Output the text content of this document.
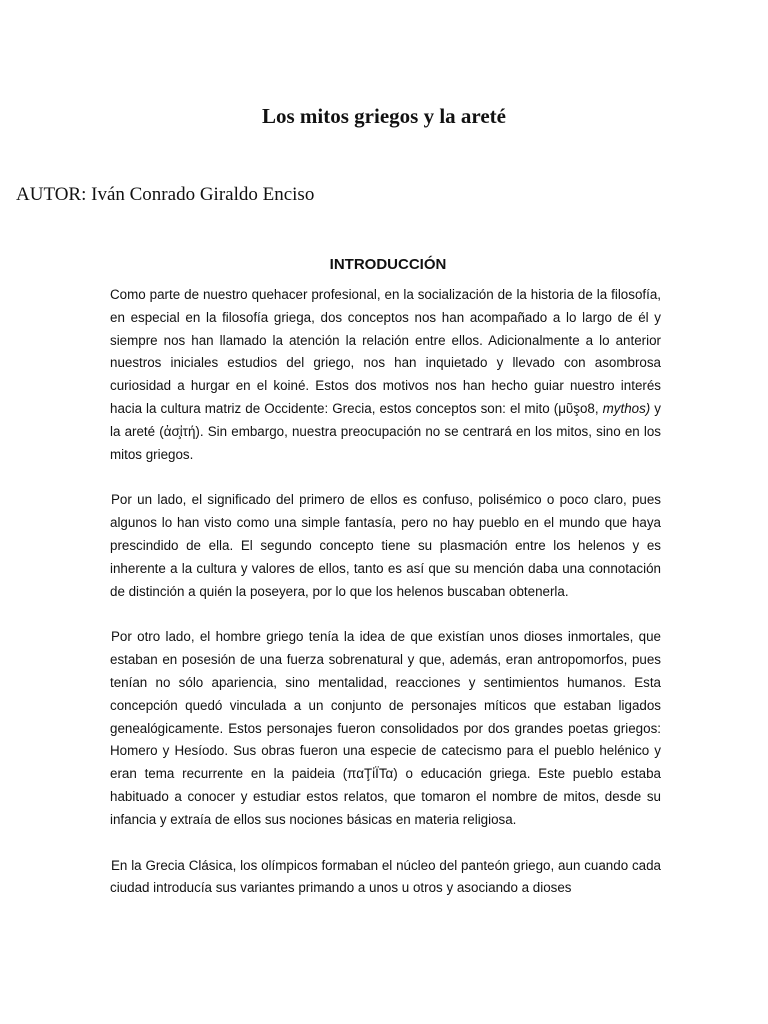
Los mitos griegos y la areté

AUTOR: Iván Conrado Giraldo Enciso

INTRODUCCIÓN

Como parte de nuestro quehacer profesional, en la socialización de la historia de la filosofía, en especial en la filosofía griega, dos conceptos nos han acompañado a lo largo de él y siempre nos han llamado la atención la relación entre ellos. Adicionalmente a lo anterior nuestros iniciales estudios del griego, nos han inquietado y llevado con asombrosa curiosidad a hurgar en el koiné. Estos dos motivos nos han hecho guiar nuestro interés hacia la cultura matriz de Occidente: Grecia, estos conceptos son: el mito (μῦşο8, mythos) y la areté (ἀσ̧ἰτή). Sin embargo, nuestra preocupación no se centrará en los mitos, sino en los mitos griegos.

Por un lado, el significado del primero de ellos es confuso, polisémico o poco claro, pues algunos lo han visto como una simple fantasía, pero no hay pueblo en el mundo que haya prescindido de ella. El segundo concepto tiene su plasmación entre los helenos y es inherente a la cultura y valores de ellos, tanto es así que su mención daba una connotación de distinción a quién la poseyera, por lo que los helenos buscaban obtenerla.

Por otro lado, el hombre griego tenía la idea de que existían unos dioses inmortales, que estaban en posesión de una fuerza sobrenatural y que, además, eran antropomorfos, pues tenían no sólo apariencia, sino mentalidad, reacciones y sentimientos humanos. Esta concepción quedó vinculada a un conjunto de personajes míticos que estaban ligados genealógicamente. Estos personajes fueron consolidados por dos grandes poetas griegos: Homero y Hesíodo. Sus obras fueron una especie de catecismo para el pueblo helénico y eran tema recurrente en la paideia (παŢἰΪΤα) o educación griega. Este pueblo estaba habituado a conocer y estudiar estos relatos, que tomaron el nombre de mitos, desde su infancia y extraía de ellos sus nociones básicas en materia religiosa.

En la Grecia Clásica, los olímpicos formaban el núcleo del panteón griego, aun cuando cada ciudad introducía sus variantes primando a unos u otros y asociando a dioses
